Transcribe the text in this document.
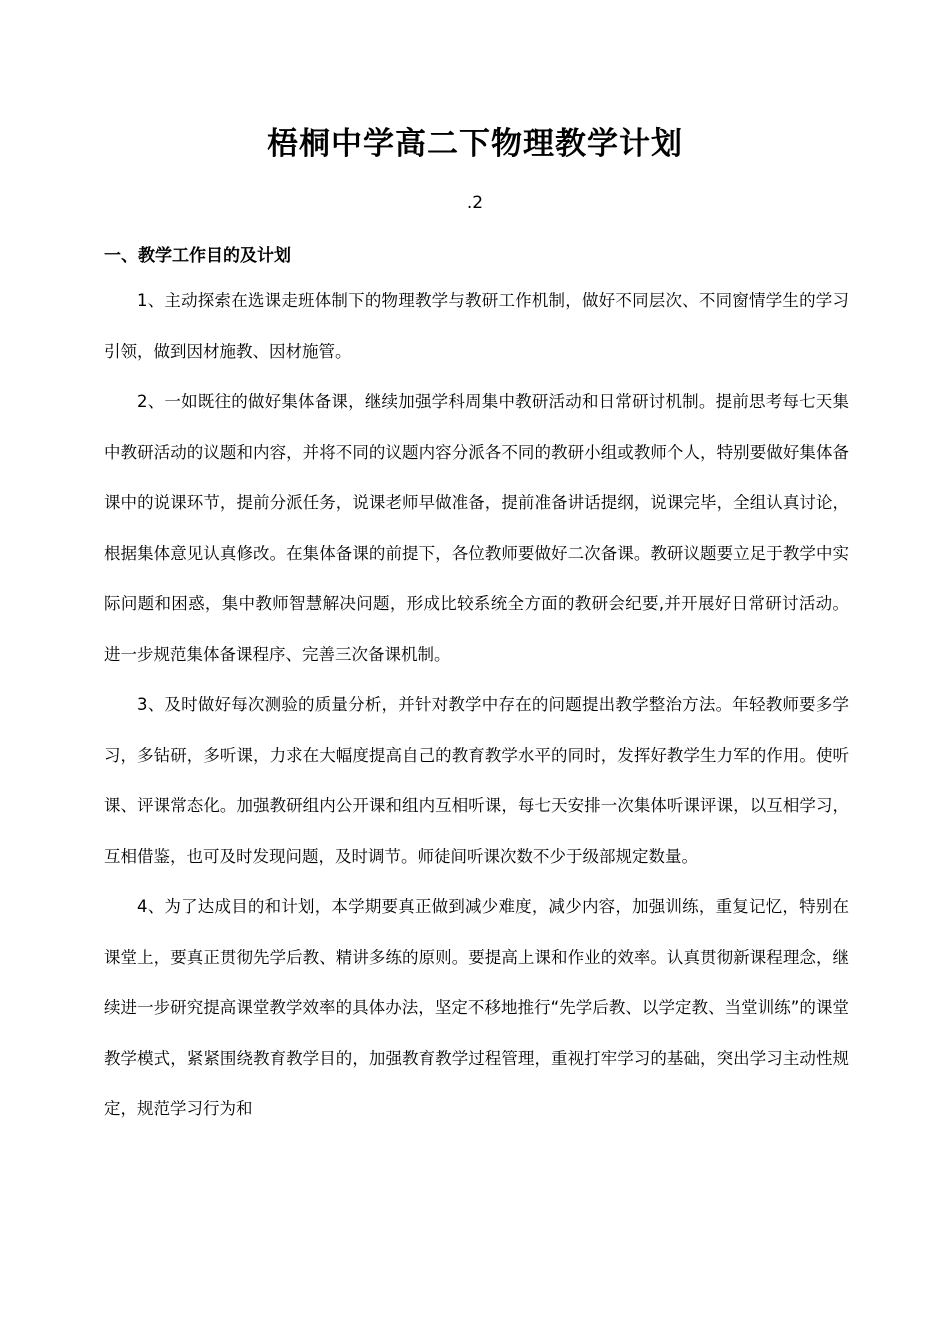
梧桐中学高二下物理教学计划
.2
一、教学工作目的及计划

1、主动探索在选课走班体制下的物理教学与教研工作机制，做好不同层次、不同窗情学生的学习引领，做到因材施教、因材施管。

2、一如既往的做好集体备课，继续加强学科周集中教研活动和日常研讨机制。提前思考每七天集中教研活动的议题和内容，并将不同的议题内容分派各不同的教研小组或教师个人，特别要做好集体备课中的说课环节，提前分派任务，说课老师早做准备，提前准备讲话提纲，说课完毕，全组认真讨论，根据集体意见认真修改。在集体备课的前提下，各位教师要做好二次备课。教研议题要立足于教学中实际问题和困惑，集中教师智慧解决问题，形成比较系统全方面的教研会纪要,并开展好日常研讨活动。进一步规范集体备课程序、完善三次备课机制。

3、及时做好每次测验的质量分析，并针对教学中存在的问题提出教学整治方法。年轻教师要多学习，多钻研，多听课，力求在大幅度提高自己的教育教学水平的同时，发挥好教学生力军的作用。使听课、评课常态化。加强教研组内公开课和组内互相听课，每七天安排一次集体听课评课，以互相学习，互相借鉴，也可及时发现问题，及时调节。师徒间听课次数不少于级部规定数量。

4、为了达成目的和计划，本学期要真正做到减少难度，减少内容，加强训练，重复记忆，特别在课堂上，要真正贯彻先学后教、精讲多练的原则。要提高上课和作业的效率。认真贯彻新课程理念，继续进一步研究提高课堂教学效率的具体办法，坚定不移地推行“先学后教、以学定教、当堂训练”的课堂教学模式，紧紧围绕教育教学目的，加强教育教学过程管理，重视打牢学习的基础，突出学习主动性规定，规范学习行为和
